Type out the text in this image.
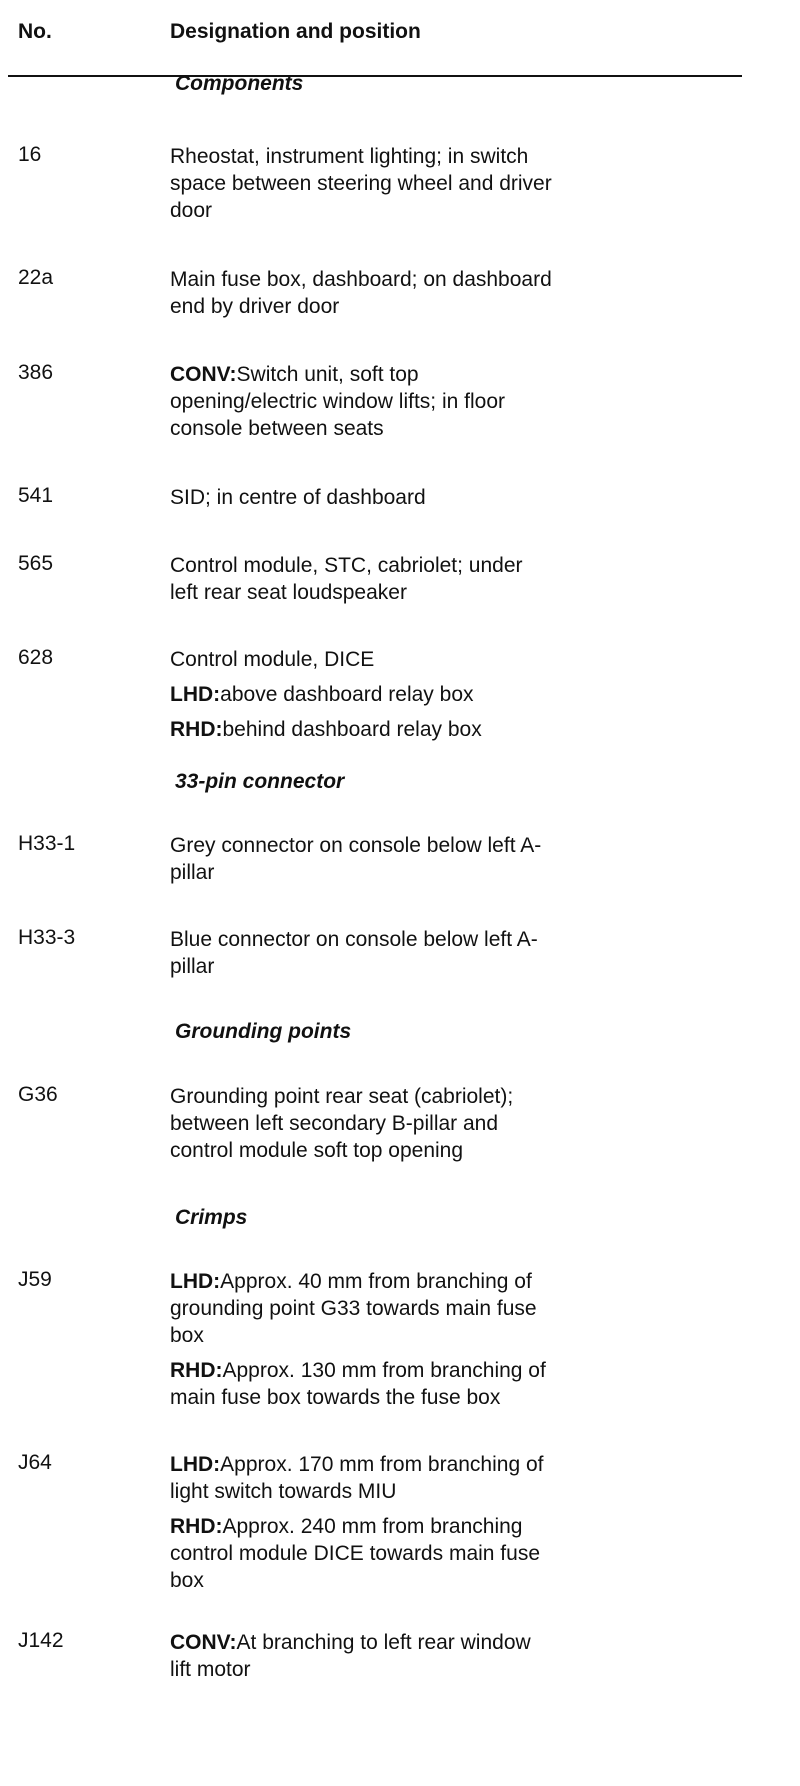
No.	Designation and position
Components
16	Rheostat, instrument lighting; in switch
space between steering wheel and driver
door
22a	Main fuse box, dashboard; on dashboard
end by driver door
386	CONV:Switch unit, soft top
opening/electric window lifts; in floor
console between seats
541	SID; in centre of dashboard
565	Control module, STC, cabriolet; under
left rear seat loudspeaker
628	Control module, DICE
LHD:above dashboard relay box
RHD:behind dashboard relay box
33-pin connector
H33-1	Grey connector on console below left A-
pillar
H33-3	Blue connector on console below left A-
pillar
Grounding points
G36	Grounding point rear seat (cabriolet);
between left secondary B-pillar and
control module soft top opening
Crimps
J59	LHD:Approx. 40 mm from branching of
grounding point G33 towards main fuse
box
RHD:Approx. 130 mm from branching of
main fuse box towards the fuse box
J64	LHD:Approx. 170 mm from branching of
light switch towards MIU
RHD:Approx. 240 mm from branching
control module DICE towards main fuse
box
J142	CONV:At branching to left rear window
lift motor
